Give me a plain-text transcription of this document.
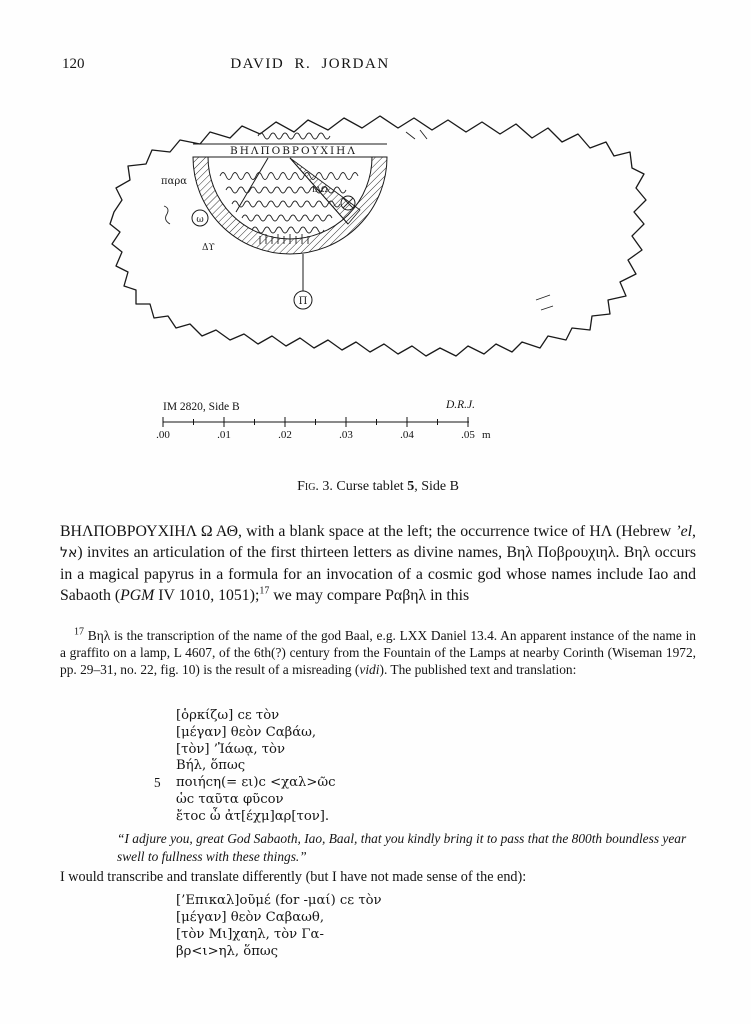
120	DAVID R. JORDAN
ω
Δϒ
ΙΑΩ
Π
παρα
ΒΗΛΠΟΒΡΟΥΧΙΗΛ
IM 2820, Side B	D.R.J.
.00	.01	.02	.03	.04	.05 m
Fig. 3. Curse tablet 5, Side B
ΒΗΛΠΟΒΡΟΥΧΙΗΛ Ω ΑΘ, with a blank space at the left; the occurrence twice of ΗΛ (Hebrew ’el, אל) invites an articulation of the first thirteen letters as divine names, Βηλ Ποβρουχιηλ. Βηλ occurs in a magical papyrus in a formula for an invocation of a cosmic god whose names include Iao and Sabaoth (PGM IV 1010, 1051);$^{17}$ we may compare Ραβηλ in this
$^{17}$ Βηλ is the transcription of the name of the god Baal, e.g. LXX Daniel 13.4. An apparent instance of the name in a graffito on a lamp, L 4607, of the 6th(?) century from the Fountain of the Lamps at nearby Corinth (Wiseman 1972, pp. 29–31, no. 22, fig. 10) is the result of a misreading (vidi). The published text and translation:
[ὁρκίζω] cε τὸν
[μέγαν] θεὸν Cαβάω,
[τὸν] ’Ἰάωᾳ, τὸν
Βήλ, ὅπως
5 ποιήcη(= ει)c <χαλ>ῶc
ὡc ταῦτα φῦcον
ἔτοc ὦ ἀτ[έχμ]αρ[τον].
“I adjure you, great God Sabaoth, Iao, Baal, that you kindly bring it to pass that the 800th boundless year swell to fullness with these things.”
I would transcribe and translate differently (but I have not made sense of the end):
[’Επικαλ]οῦμέ (for -μαί) cε τὸν
[μέγαν] θεὸν Cαβαωθ,
[τὸν Μι]χαηλ, τὸν Γα-
βρ<ι>ηλ, ὅπως
